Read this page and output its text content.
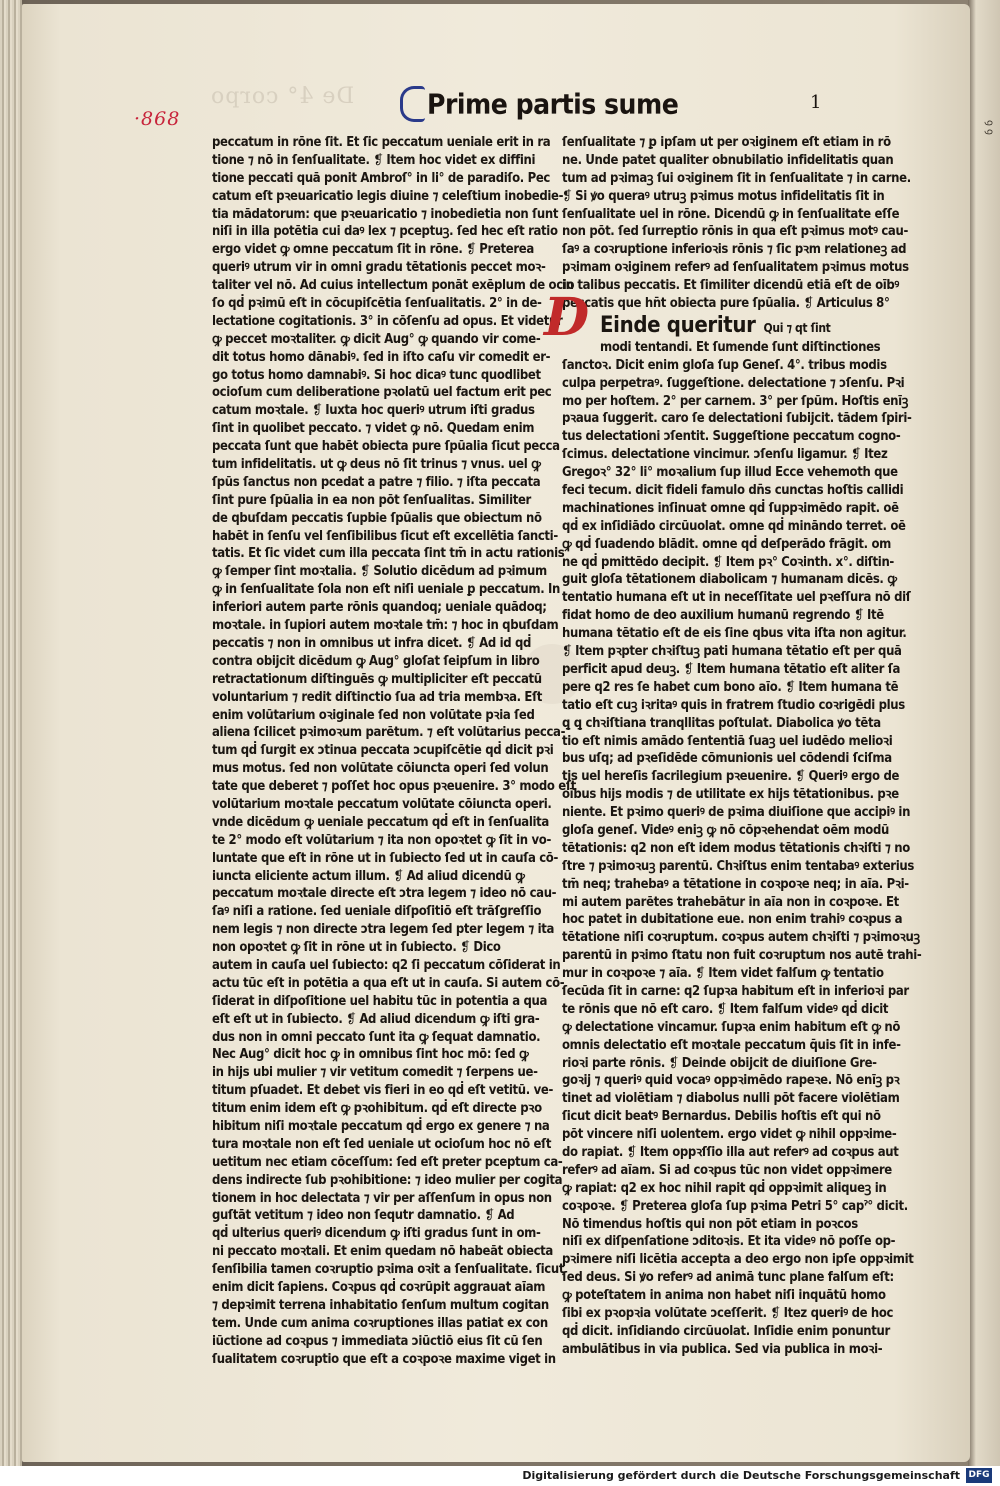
ꝯ ꝯ
De 4° corpo
·868	Prime partis sume	1
peccatum in rōne ſit. Et ſic peccatum ueniale erit in ra
tione ⁊ nō in ſenſualitate. ❡ Item hoc videt ex diffini
tione peccati quā ponit Ambroſ° in li° de paradiſo. Pec
catum eſt pꝛeuaricatio legis diuine ⁊ celeſtium inobedie‑
tia mādatorum: que pꝛeuaricatio ⁊ inobedietia non ſunt
niſi in illa potētia cui daꝰ lex ⁊ pceptuꝫ. ſed hec eſt ratio
ergo videt ꝙ omne peccatum ſit in rōne. ❡ Preterea
queriꝰ utrum vir in omni gradu tētationis peccet moꝛ‑
taliter vel nō. Ad cuius intellectum ponāt exēplum de ocio
ſo qḋ pꝛimū eſt in cōcupiſcētia ſenſualitatis. 2° in de‑
lectatione cogitationis. 3° in cōſenſu ad opus. Et videtur
ꝙ peccet moꝛtaliter. ꝙ dicit Aug° ꝙ quando vir come‑
dit totus homo dānabiꝰ. ſed in iſto caſu vir comedit er‑
go totus homo damnabiꝰ. Si hoc dicaꝰ tunc quodlibet
ocioſum cum deliberatione pꝛolatū uel factum erit pec
catum moꝛtale. ❡ Iuxta hoc queriꝰ utrum iſti gradus
ſint in quolibet peccato. ⁊ videt ꝙ nō. Quedam enim
peccata ſunt que habēt obiecta pure ſpūalia ſicut pecca
tum infidelitatis. ut ꝙ deus nō ſit trinus ⁊ vnus. uel ꝙ
ſpūs ſanctus non pcedat a patre ⁊ filio. ⁊ iſta peccata
ſint pure ſpūalia in ea non pōt ſenſualitas. Similiter
de qbuſdam peccatis ſupbie ſpūalis que obiectum nō
habēt in ſenſu vel ſenſibilibus ſicut eſt excellētia ſancti‑
tatis. Et ſic videt cum illa peccata ſint tm̄ in actu rationis
ꝙ ſemper ſint moꝛtalia. ❡ Solutio dicēdum ad pꝛimum
ꝙ in ſenſualitate ſola non eſt niſi ueniale ꝑ peccatum. In
inferiori autem parte rōnis quandoq; ueniale quādoq;
moꝛtale. in ſupiori autem moꝛtale tm̄: ⁊ hoc in qbuſdam
peccatis ⁊ non in omnibus ut infra dicet. ❡ Ad id qḋ
contra obijcit dicēdum ꝙ Aug° gloſat ſeipſum in libro
retractationum diſtinguēs ꝙ multipliciter eſt peccatū
voluntarium ⁊ redit diſtinctio ſua ad tria membꝛa. Eſt
enim volūtarium oꝛiginale ſed non volūtate pꝛia ſed
aliena ſcilicet pꝛimoꝛum parētum. ⁊ eſt volūtarius pecca‑
tum qḋ ſurgit ex ɔtinua peccata ɔcupiſcētie qḋ dicit pꝛi
mus motus. ſed non volūtate cōiuncta operi ſed volun
tate que deberet ⁊ poſſet hoc opus pꝛeuenire. 3° modo eſt
volūtarium moꝛtale peccatum volūtate cōiuncta operi.
vnde dicēdum ꝙ ueniale peccatum qḋ eſt in ſenſualita
te 2° modo eſt volūtarium ⁊ ita non opoꝛtet ꝙ ſit in vo‑
luntate que eſt in rōne ut in ſubiecto ſed ut in cauſa cō‑
iuncta eliciente actum illum. ❡ Ad aliud dicendū ꝙ
peccatum moꝛtale directe eſt ɔtra legem ⁊ ideo nō cau‑
ſaꝰ niſi a ratione. ſed ueniale diſpoſitiō eſt trāſgreſſio
nem legis ⁊ non directe ɔtra legem ſed pter legem ⁊ ita
non opoꝛtet ꝙ ſit in rōne ut in ſubiecto. ❡ Dico
autem in cauſa uel ſubiecto: q2 ſi peccatum cōſiderat in
actu tūc eſt in potētia a qua eſt ut in cauſa. Si autem cō‑
ſiderat in diſpoſitione uel habitu tūc in potentia a qua
eſt eſt ut in ſubiecto. ❡ Ad aliud dicendum ꝙ iſti gra‑
dus non in omni peccato ſunt ita ꝙ ſequat damnatio.
Nec Aug° dicit hoc ꝙ in omnibus ſint hoc mō: ſed ꝙ
in hijs ubi mulier ⁊ vir vetitum comedit ⁊ ſerpens ue‑
titum pſuadet. Et debet vis fieri in eo qḋ eſt vetitū. ve‑
titum enim idem eſt ꝙ pꝛohibitum. qḋ eſt directe pꝛo
hibitum niſi moꝛtale peccatum qḋ ergo ex genere ⁊ na
tura moꝛtale non eſt ſed ueniale ut ocioſum hoc nō eſt
uetitum nec etiam cōceſſum: ſed eſt preter pceptum ca‑
dens indirecte ſub pꝛohibitione: ⁊ ideo mulier per cogita
tionem in hoc delectata ⁊ vir per aſſenſum in opus non
guſtāt vetitum ⁊ ideo non ſequtr damnatio. ❡ Ad
qḋ ulterius queriꝰ dicendum ꝙ iſti gradus ſunt in om‑
ni peccato moꝛtali. Et enim quedam nō habeāt obiecta
ſenſibilia tamen coꝛruptio pꝛima oꝛit a ſenſualitate. ſicut
enim dicit ſapiens. Coꝛpus qḋ coꝛrūpit aggrauat aīam
⁊ depꝛimit terrena inhabitatio ſenſum multum cogitan
tem. Unde cum anima coꝛruptiones illas patiat ex con
iūctione ad coꝛpus ⁊ immediata ɔiūctiō eius ſit cū ſen
ſualitatem coꝛruptio que eſt a coꝛpoꝛe maxime viget in
ſenſualitate ⁊ ꝑ ipſam ut per oꝛiginem eſt etiam in rō
ne. Unde patet qualiter obnubilatio infidelitatis quan
tum ad pꝛimaꝫ ſui oꝛiginem ſit in ſenſualitate ⁊ in carne.
❡ Si ꝟo queraꝰ utruꝫ pꝛimus motus infidelitatis ſit in
ſenſualitate uel in rōne. Dicendū ꝙ in ſenſualitate eſſe
non pōt. ſed ſurreptio rōnis in qua eſt pꝛimus motꝰ cau‑
ſaꝰ a coꝛruptione inferioꝛis rōnis ⁊ ſic pꝛm relationeꝫ ad
pꝛimam oꝛiginem referꝰ ad ſenſualitatem pꝛimus motus
in talibus peccatis. Et ſimiliter dicendū etiā eſt de oībꝰ
peccatis que hn̄t obiecta pure ſpūalia. ❡ Articulus 8°
Einde queritur Qui ⁊ qt ſint
modi tentandi. Et ſumende ſunt diſtinctiones
ſanctoꝛ. Dicit enim gloſa ſup Geneſ. 4°. tribus modis
culpa perpetraꝰ. ſuggeſtione. delectatione ⁊ ɔſenſu. Pꝛi
mo per hoſtem. 2° per carnem. 3° per ſpūm. Hoſtis enīꝫ
pꝛaua ſuggerit. caro ſe delectationi ſubijcit. tādem ſpiri‑
tus delectationi ɔſentit. Suggeſtione peccatum cogno‑
ſcimus. delectatione vincimur. ɔſenſu ligamur. ❡ Itez
Gregoꝛ° 32° li° moꝛalium ſup illud Ecce vehemoth que
feci tecum. dicit fideli famulo dn̄s cunctas hoſtis callidi
machinationes inſinuat omne qḋ ſuppꝛimēdo rapit. oē
qḋ ex inſidiādo circūuolat. omne qḋ mināndo terret. oē
ꝙ qḋ ſuadendo blādit. omne qḋ deſperādo frāgit. om
ne qḋ pmittēdo decipit. ❡ Item pꝛ° Coꝛinth. x°. diſtin‑
guit gloſa tētationem diabolicam ⁊ humanam dicēs. ꝙ
tentatio humana eſt ut in neceſſitate uel pꝛeſſura nō diſ
fidat homo de deo auxilium humanū regrendo ❡ Itē
humana tētatio eſt de eis ſine qbus vita iſta non agitur.
❡ Item pꝛpter chꝛiſtuꝫ pati humana tētatio eſt per quā
perficit apud deuꝫ. ❡ Item humana tētatio eſt aliter ſa
pere q2 res ſe habet cum bono aīo. ❡ Item humana tē
tatio eſt cuꝫ iꝛritaꝰ quis in fratrem ſtudio coꝛrigēdi plus
ꝗ ꝗ chꝛiſtiana tranqllitas poſtulat. Diabolica ꝟo tēta
tio eſt nimis amādo ſententiā ſuaꝫ uel iudēdo melioꝛi
bus uſq; ad pꝛeſidēde cōmunionis uel cōdendi ſciſma
tis uel hereſis ſacrilegium pꝛeuenire. ❡ Queriꝰ ergo de
oībus hijs modis ⁊ de utilitate ex hijs tētationibus. pꝛe
niente. Et pꝛimo queriꝰ de pꝛima diuiſione que accipiꝰ in
gloſa geneſ. Videꝰ eniꝫ ꝙ nō cōpꝛehendat oēm modū
tētationis: q2 non eſt idem modus tētationis chꝛiſti ⁊ no
ſtre ⁊ pꝛimoꝛuꝫ parentū. Chꝛiſtus enim tentabaꝰ exterius
tm̄ neq; trahebaꝰ a tētatione in coꝛpoꝛe neq; in aīa. Pꝛi‑
mi autem parētes trahebātur in aīa non in coꝛpoꝛe. Et
hoc patet in dubitatione eue. non enim trahiꝰ coꝛpus a
tētatione niſi coꝛruptum. coꝛpus autem chꝛiſti ⁊ pꝛimoꝛuꝫ
parentū in pꝛimo ſtatu non fuit coꝛruptum nos autē trahi‑
mur in coꝛpoꝛe ⁊ aīa. ❡ Item videt falſum ꝙ tentatio
ſecūda ſit in carne: q2 ſupꝛa habitum eſt in inferioꝛi par
te rōnis que nō eſt caro. ❡ Item falſum videꝰ qḋ dicit
ꝙ delectatione vincamur. ſupꝛa enim habitum eſt ꝙ nō
omnis delectatio eſt moꝛtale peccatum q̄uis ſit in infe‑
rioꝛi parte rōnis. ❡ Deinde obijcit de diuiſione Gre‑
goꝛij ⁊ queriꝰ quid vocaꝰ oppꝛimēdo rapeꝛe. Nō enīꝫ pꝛ
tinet ad violētiam ⁊ diabolus nulli pōt facere violētiam
ſicut dicit beatꝰ Bernardus. Debilis hoſtis eſt qui nō
pōt vincere niſi uolentem. ergo videt ꝙ nihil oppꝛime‑
do rapiat. ❡ Item oppꝛſſio illa aut referꝰ ad coꝛpus aut
referꝰ ad aīam. Si ad coꝛpus tūc non videt oppꝛimere
ꝙ rapiat: q2 ex hoc nihil rapit qḋ oppꝛimit aliqueꝫ in
coꝛpoꝛe. ❡ Preterea gloſa ſup pꝛima Petri 5° capˀ° dicit.
Nō timendus hoſtis qui non pōt etiam in poꝛcos
niſi ex diſpenſatione ɔditoꝛis. Et ita videꝰ nō poſſe op‑
pꝛimere niſi licētia accepta a deo ergo non ipſe oppꝛimit
ſed deus. Si ꝟo referꝰ ad animā tunc plane falſum eſt:
ꝙ poteſtatem in anima non habet niſi inquātū homo
ſibi ex pꝛopꝛia volūtate ɔceſſerit. ❡ Itez queriꝰ de hoc
qḋ dicit. inſidiando circūuolat. Inſidie enim ponuntur
ambulātibus in via publica. Sed via publica in moꝛi‑
D
Digitalisierung gefördert durch die Deutsche Forschungsgemeinschaft DFG
